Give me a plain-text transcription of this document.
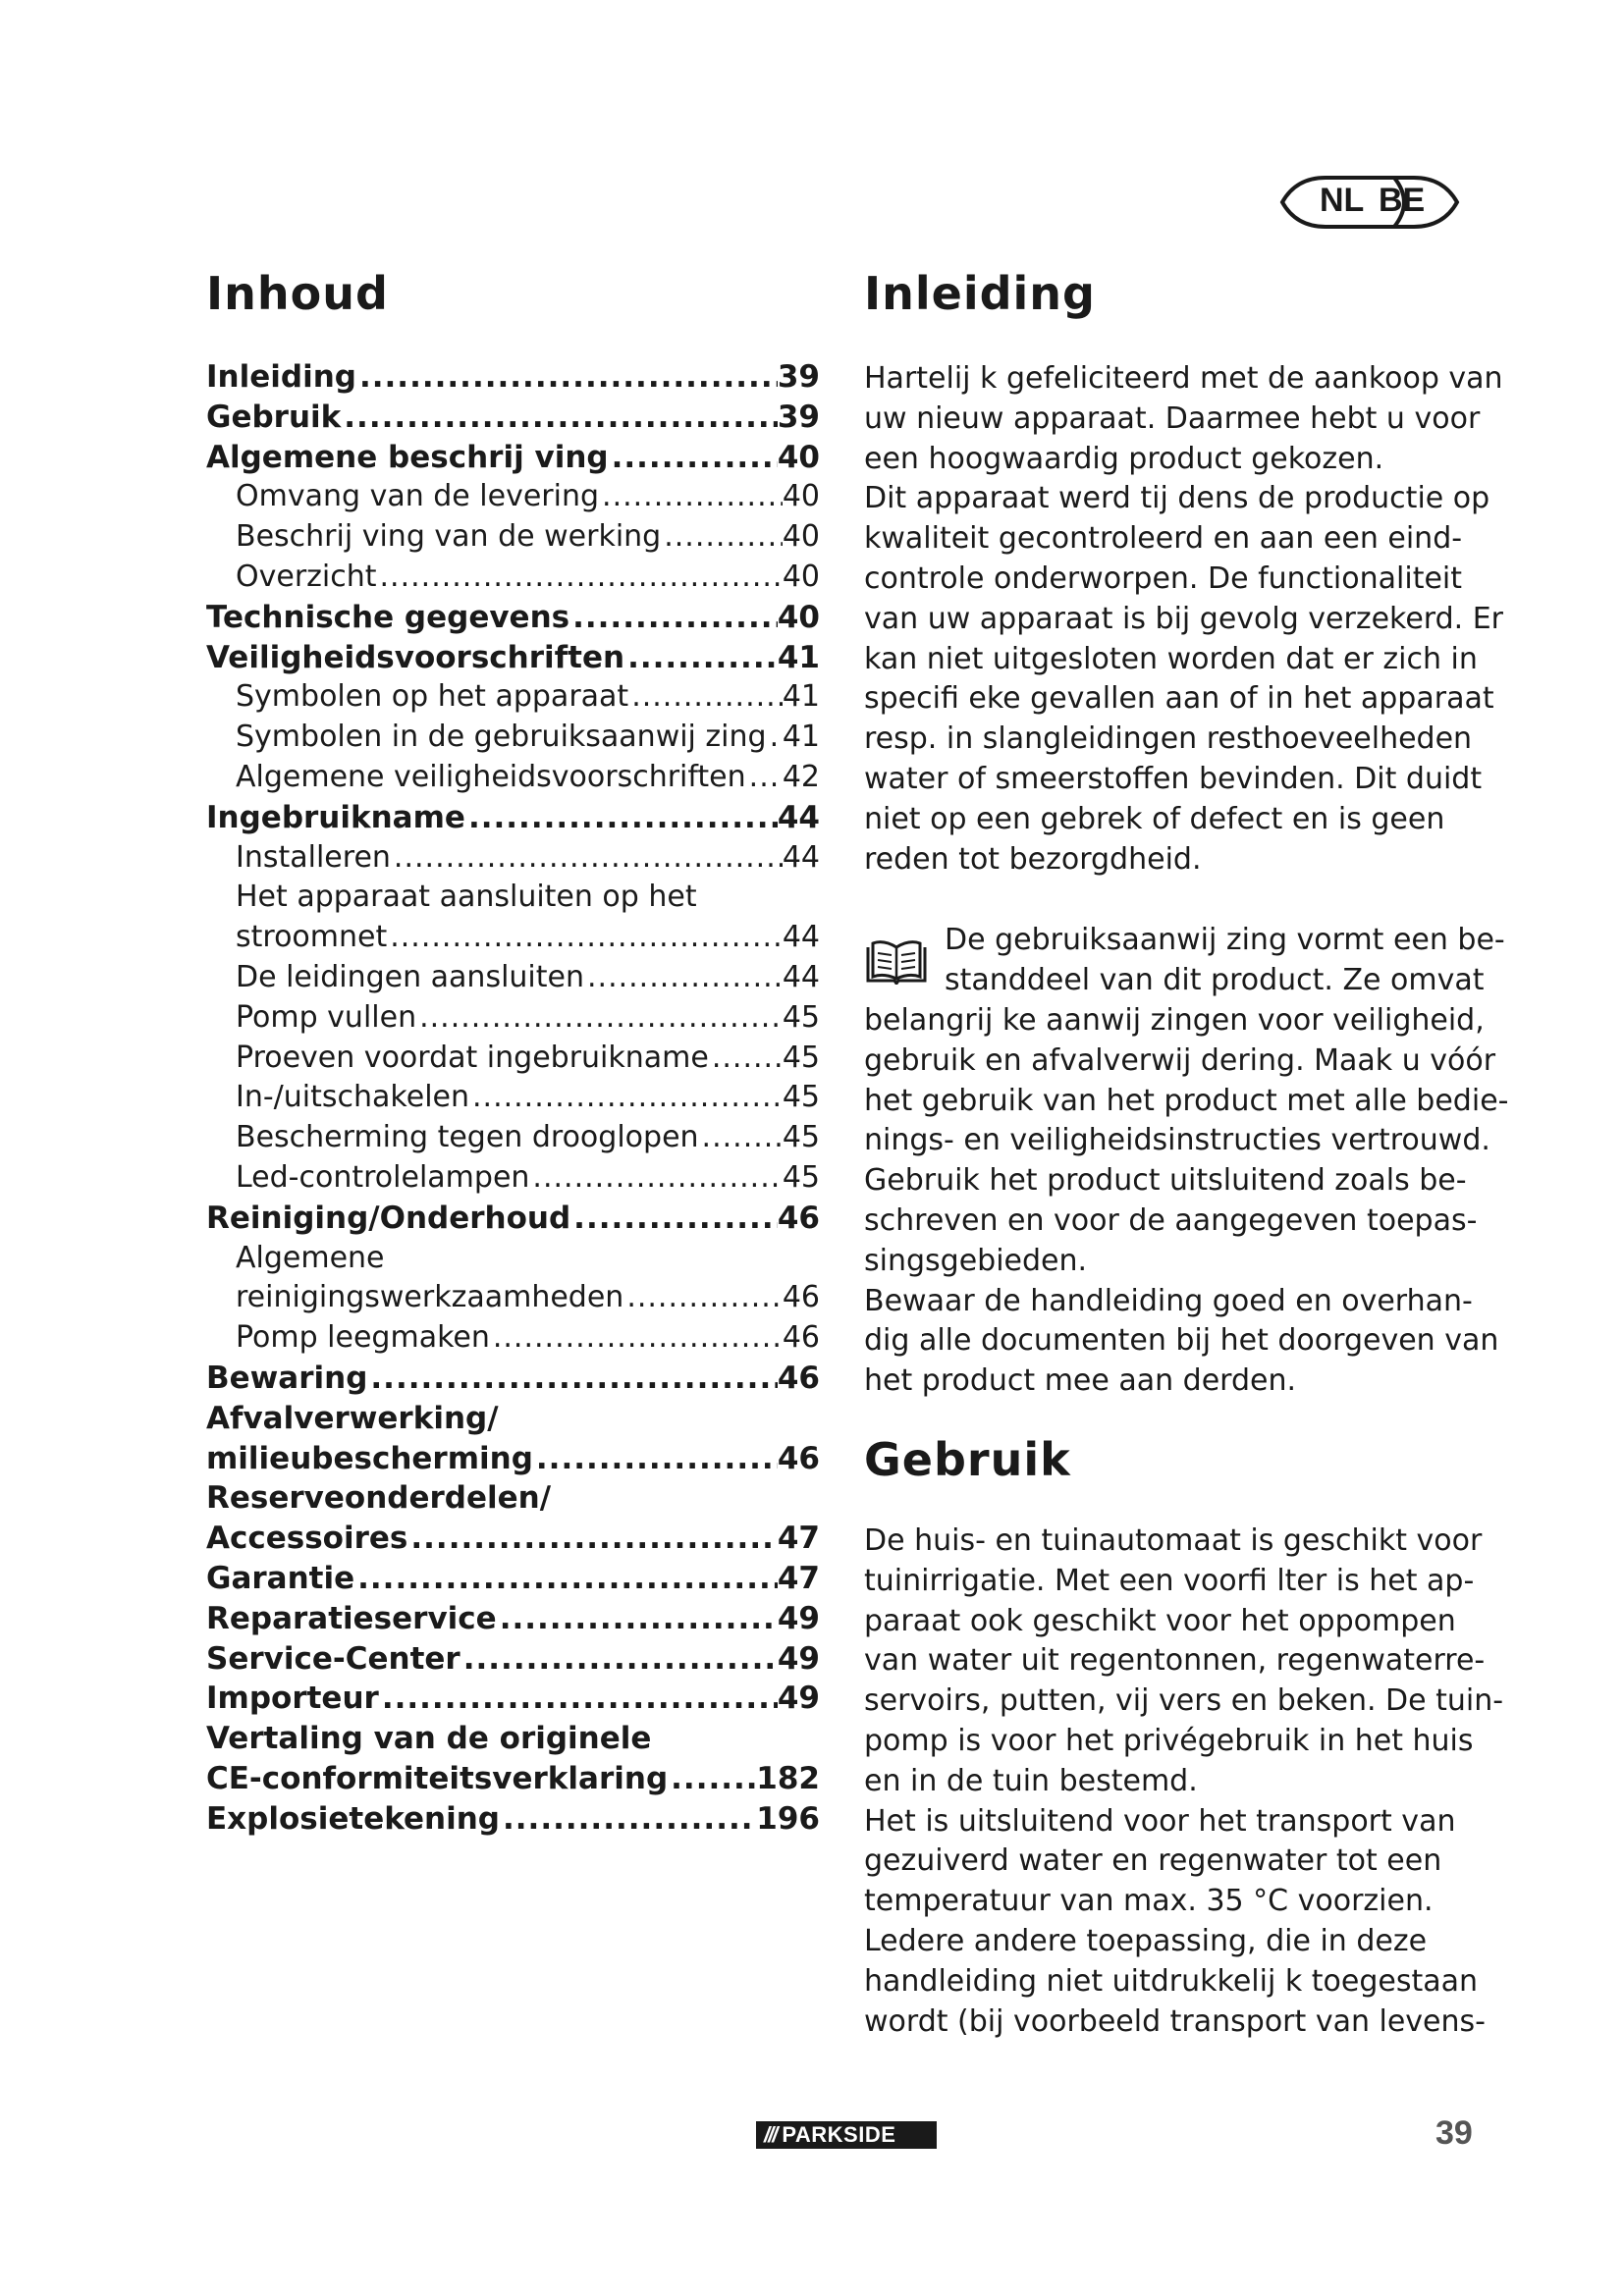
NL BE
Inhoud
Inleiding .....	39
Gebruik .....	39
Algemene beschrij ving .....	40
Omvang van de levering .....	40
Beschrij ving van de werking .....	40
Overzicht .....	40
Technische gegevens .....	40
Veiligheidsvoorschriften .....	41
Symbolen op het apparaat .....	41
Symbolen in de gebruiksaanwij zing ..... 41
Algemene veiligheidsvoorschriften ..... 42
Ingebruikname .....	44
Installeren .....	44
Het apparaat aansluiten op het
stroomnet .....	44
De leidingen aansluiten .....	44
Pomp vullen .....	45
Proeven voordat ingebruikname ..... 45
In-/uitschakelen .....	45
Bescherming tegen drooglopen .....	45
Led-controlelampen .....	45
Reiniging/Onderhoud .....	46
Algemene
reinigingswerkzaamheden .....	46
Pomp leegmaken .....	46
Bewaring .....	46
Afvalverwerking/
milieubescherming .....	46
Reserveonderdelen/
Accessoires .....	47
Garantie .....	47
Reparatieservice .....	49
Service-Center .....	49
Importeur .....	49
Vertaling van de originele
CE-conformiteitsverklaring .....	182
Explosietekening .....	196
Inleiding
Hartelij k gefeliciteerd met de aankoop van
uw nieuw apparaat. Daarmee hebt u voor
een hoogwaardig product gekozen.
Dit apparaat werd tij dens de productie op
kwaliteit gecontroleerd en aan een eind-
controle onderworpen. De functionaliteit
van uw apparaat is bij gevolg verzekerd. Er
kan niet uitgesloten worden dat er zich in
specifi eke gevallen aan of in het apparaat
resp. in slangleidingen resthoeveelheden
water of smeerstoffen bevinden. Dit duidt
niet op een gebrek of defect en is geen
reden tot bezorgdheid.
De gebruiksaanwij zing vormt een be-
standdeel van dit product. Ze omvat
belangrij ke aanwij zingen voor veiligheid,
gebruik en afvalverwij dering. Maak u vóór
het gebruik van het product met alle bedie-
nings- en veiligheidsinstructies vertrouwd.
Gebruik het product uitsluitend zoals be-
schreven en voor de aangegeven toepas-
singsgebieden.
Bewaar de handleiding goed en overhan-
dig alle documenten bij het doorgeven van
het product mee aan derden.
Gebruik
De huis- en tuinautomaat is geschikt voor
tuinirrigatie. Met een voorfi lter is het ap-
paraat ook geschikt voor het oppompen
van water uit regentonnen, regenwaterre-
servoirs, putten, vij vers en beken. De tuin-
pomp is voor het privégebruik in het huis
en in de tuin bestemd.
Het is uitsluitend voor het transport van
gezuiverd water en regenwater tot een
temperatuur van max. 35 °C voorzien.
Ledere andere toepassing, die in deze
handleiding niet uitdrukkelij k toegestaan
wordt (bij voorbeeld transport van levens-
/// PARKSIDE	39
